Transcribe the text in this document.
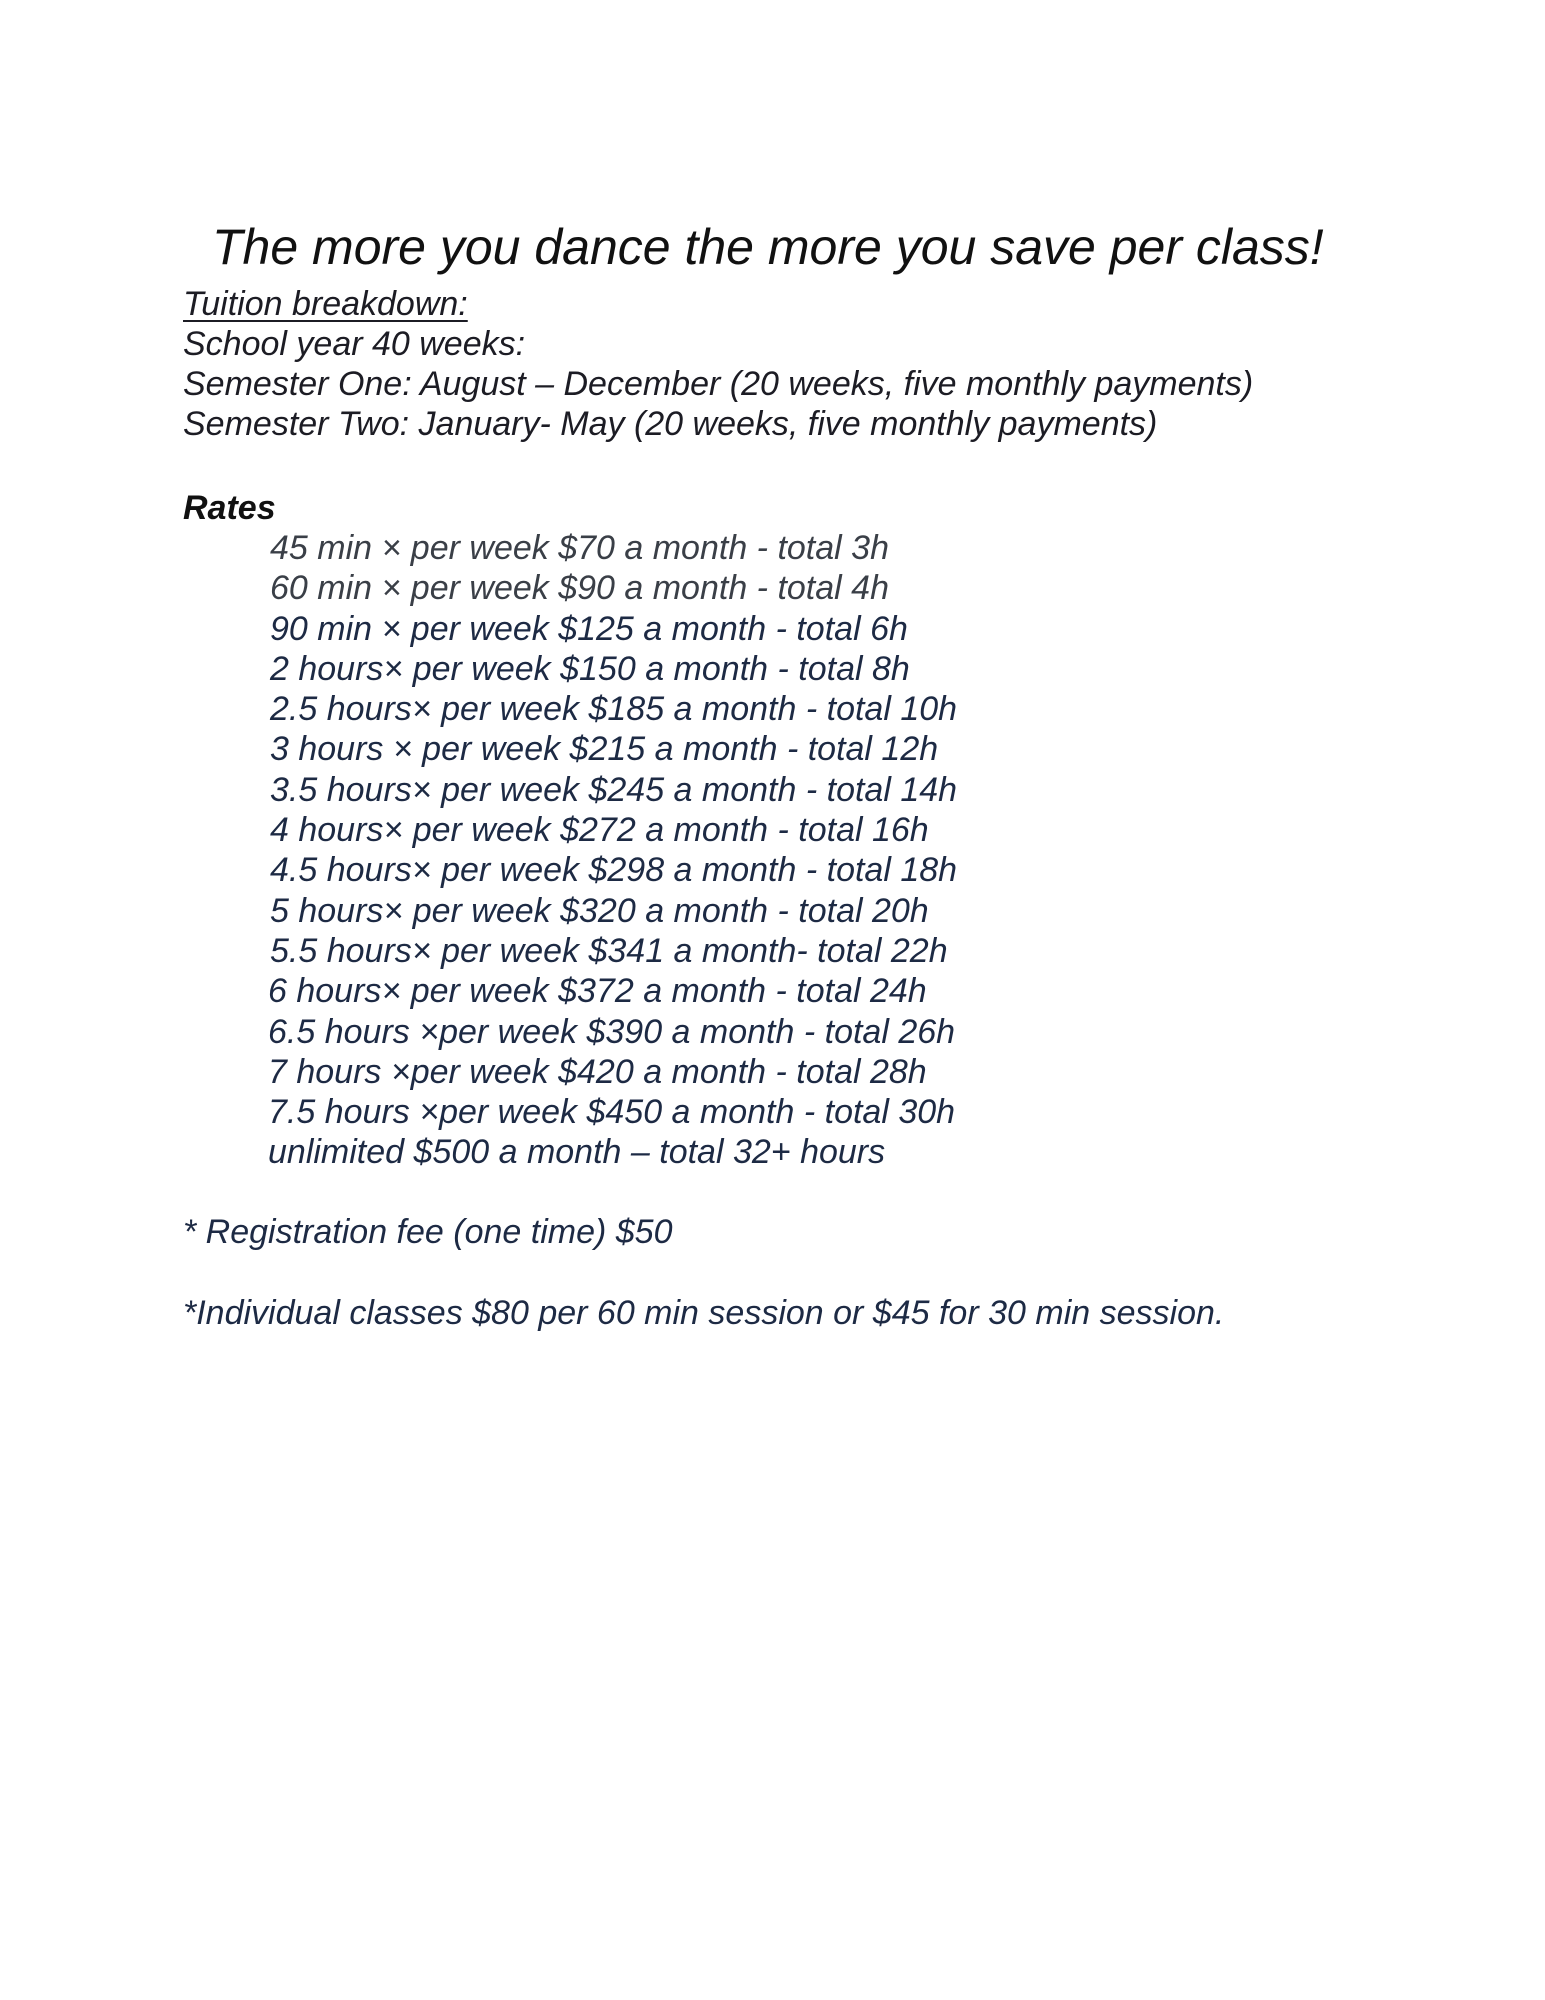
The more you dance the more you save per class!
Tuition breakdown:
School year 40 weeks:
Semester One: August – December (20 weeks, five monthly payments)
Semester Two: January- May (20 weeks, five monthly payments)
Rates
45 min × per week $70 a month - total 3h
60 min × per week $90 a month - total 4h
90 min × per week $125 a month - total 6h
2 hours× per week $150 a month - total 8h
2.5 hours× per week $185 a month - total 10h
3 hours × per week $215 a month - total 12h
3.5 hours× per week $245 a month - total 14h
4 hours× per week $272 a month - total 16h
4.5 hours× per week $298 a month - total 18h
5 hours× per week $320 a month - total 20h
5.5 hours× per week $341 a month- total 22h
6 hours× per week $372 a month - total 24h
6.5 hours ×per week $390 a month - total 26h
7 hours ×per week $420 a month - total 28h
7.5 hours ×per week $450 a month - total 30h
unlimited $500 a month – total 32+ hours
* Registration fee (one time) $50
*Individual classes $80 per 60 min session or $45 for 30 min session.
